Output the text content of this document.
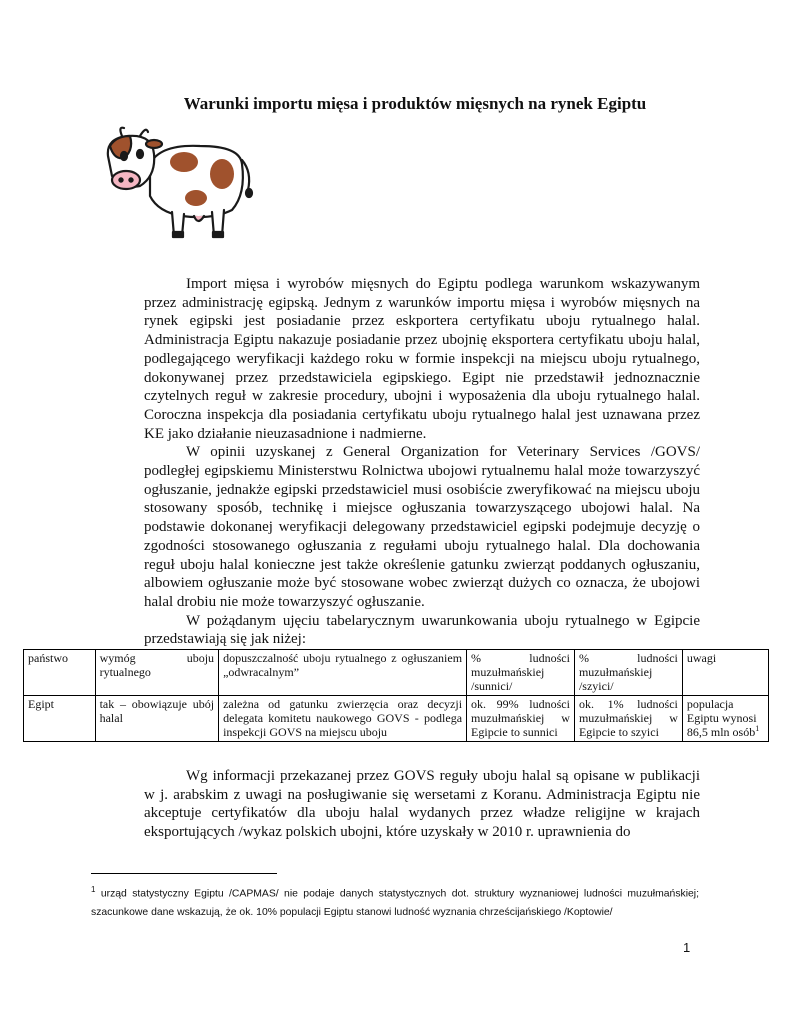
Warunki importu mięsa i produktów mięsnych na rynek Egiptu

Import mięsa i wyrobów mięsnych do Egiptu podlega warunkom wskazywanym przez administrację egipską. Jednym z warunków importu mięsa i wyrobów mięsnych na rynek egipski jest posiadanie przez eskportera certyfikatu uboju rytualnego halal. Administracja Egiptu nakazuje posiadanie przez ubojnię eksportera certyfikatu uboju halal, podlegającego weryfikacji każdego roku w formie inspekcji na miejscu uboju rytualnego, dokonywanej przez przedstawiciela egipskiego. Egipt nie przedstawił jednoznacznie czytelnych reguł w zakresie procedury, ubojni i wyposażenia dla uboju rytualnego halal. Coroczna inspekcja dla posiadania certyfikatu uboju rytualnego halal jest uznawana przez KE jako działanie nieuzasadnione i nadmierne.

W opinii uzyskanej z General Organization for Veterinary Services /GOVS/ podległej egipskiemu Ministerstwu Rolnictwa ubojowi rytualnemu halal może towarzyszyć ogłuszanie, jednakże egipski przedstawiciel musi osobiście zweryfikować na miejscu uboju stosowany sposób, technikę i miejsce ogłuszania towarzyszącego ubojowi halal. Na podstawie dokonanej weryfikacji delegowany przedstawiciel egipski podejmuje decyzję o zgodności stosowanego ogłuszania z regułami uboju rytualnego halal. Dla dochowania reguł uboju halal konieczne jest także określenie gatunku zwierząt poddanych ogłuszaniu, albowiem ogłuszanie może być stosowane wobec zwierząt dużych co oznacza, że ubojowi halal drobiu nie może towarzyszyć ogłuszanie.

W pożądanym ujęciu tabelarycznym uwarunkowania uboju rytualnego w Egipcie przedstawiają się jak niżej:

państwo	wymóg uboju rytualnego	dopuszczalność uboju rytualnego z ogłuszaniem „odwracalnym”	% ludności muzułmańskiej /sunnici/	% ludności muzułmańskiej /szyici/	uwagi
Egipt	tak – obowiązuje ubój halal	zależna od gatunku zwierzęcia oraz decyzji delegata komitetu naukowego GOVS - podlega inspekcji GOVS na miejscu uboju	ok. 99% ludności muzułmańskiej w Egipcie to sunnici	ok. 1% ludności muzułmańskiej w Egipcie to szyici	populacja Egiptu wynosi 86,5 mln osób$^1$

Wg informacji przekazanej przez GOVS reguły uboju halal są opisane w publikacji w j. arabskim z uwagi na posługiwanie się wersetami z Koranu. Administracja Egiptu nie akceptuje certyfikatów dla uboju halal wydanych przez władze religijne w krajach eksportujących /wykaz polskich ubojni, które uzyskały w 2010 r. uprawnienia do

$^1$ urząd statystyczny Egiptu /CAPMAS/ nie podaje danych statystycznych dot. struktury wyznaniowej ludności muzułmańskiej; szacunkowe dane wskazują, że ok. 10% populacji Egiptu stanowi ludność wyznania chrześcijańskiego /Koptowie/
1
